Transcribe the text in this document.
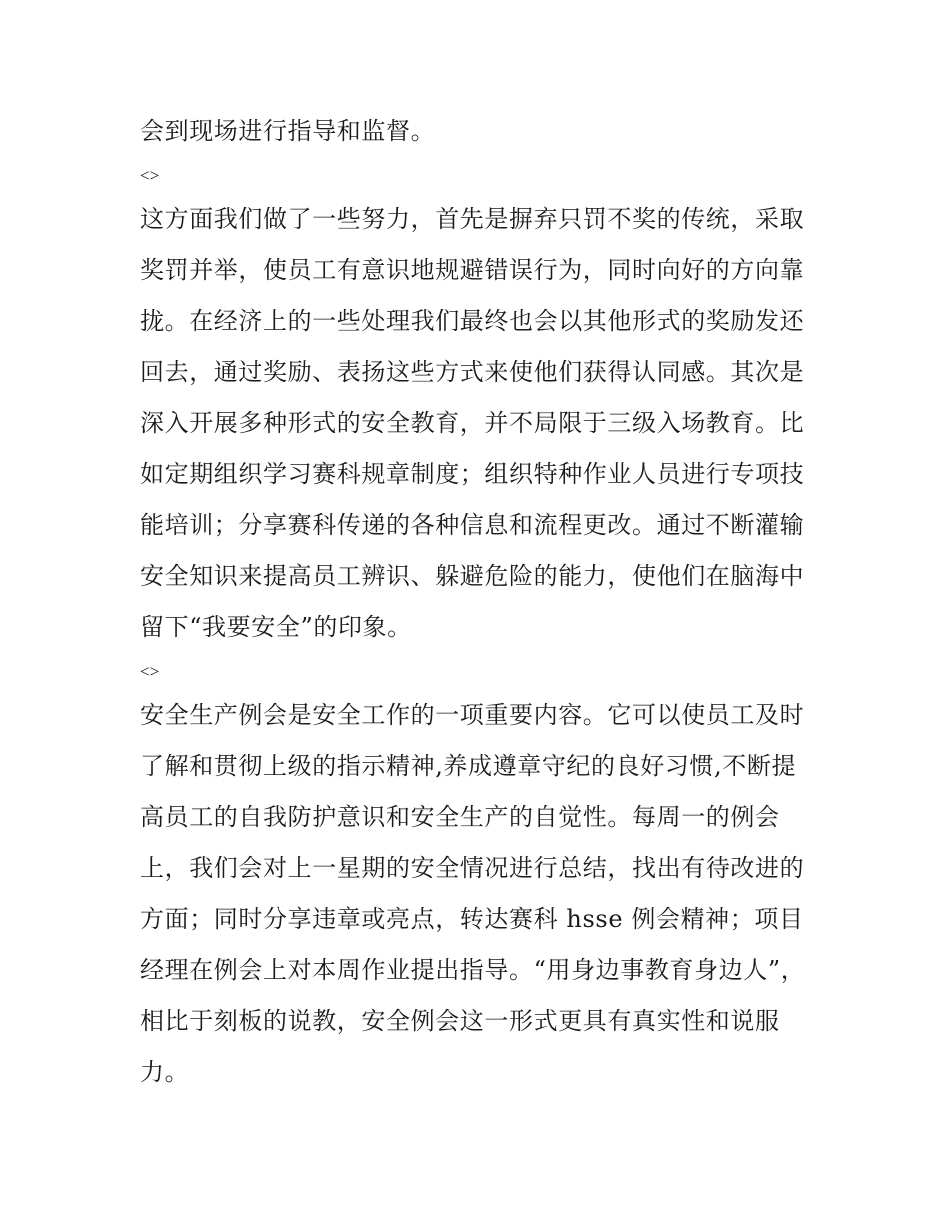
会到现场进行指导和监督。
<>
这方面我们做了一些努力，首先是摒弃只罚不奖的传统，采取
奖罚并举，使员工有意识地规避错误行为，同时向好的方向靠
拢。在经济上的一些处理我们最终也会以其他形式的奖励发还
回去，通过奖励、表扬这些方式来使他们获得认同感。其次是
深入开展多种形式的安全教育，并不局限于三级入场教育。比
如定期组织学习赛科规章制度；组织特种作业人员进行专项技
能培训；分享赛科传递的各种信息和流程更改。通过不断灌输
安全知识来提高员工辨识、躲避危险的能力，使他们在脑海中
留下“我要安全”的印象。
<>
安全生产例会是安全工作的一项重要内容。它可以使员工及时
了解和贯彻上级的指示精神,养成遵章守纪的良好习惯,不断提
高员工的自我防护意识和安全生产的自觉性。每周一的例会
上，我们会对上一星期的安全情况进行总结，找出有待改进的
方面；同时分享违章或亮点，转达赛科 hsse 例会精神；项目
经理在例会上对本周作业提出指导。“用身边事教育身边人”，
相比于刻板的说教，安全例会这一形式更具有真实性和说服
力。
